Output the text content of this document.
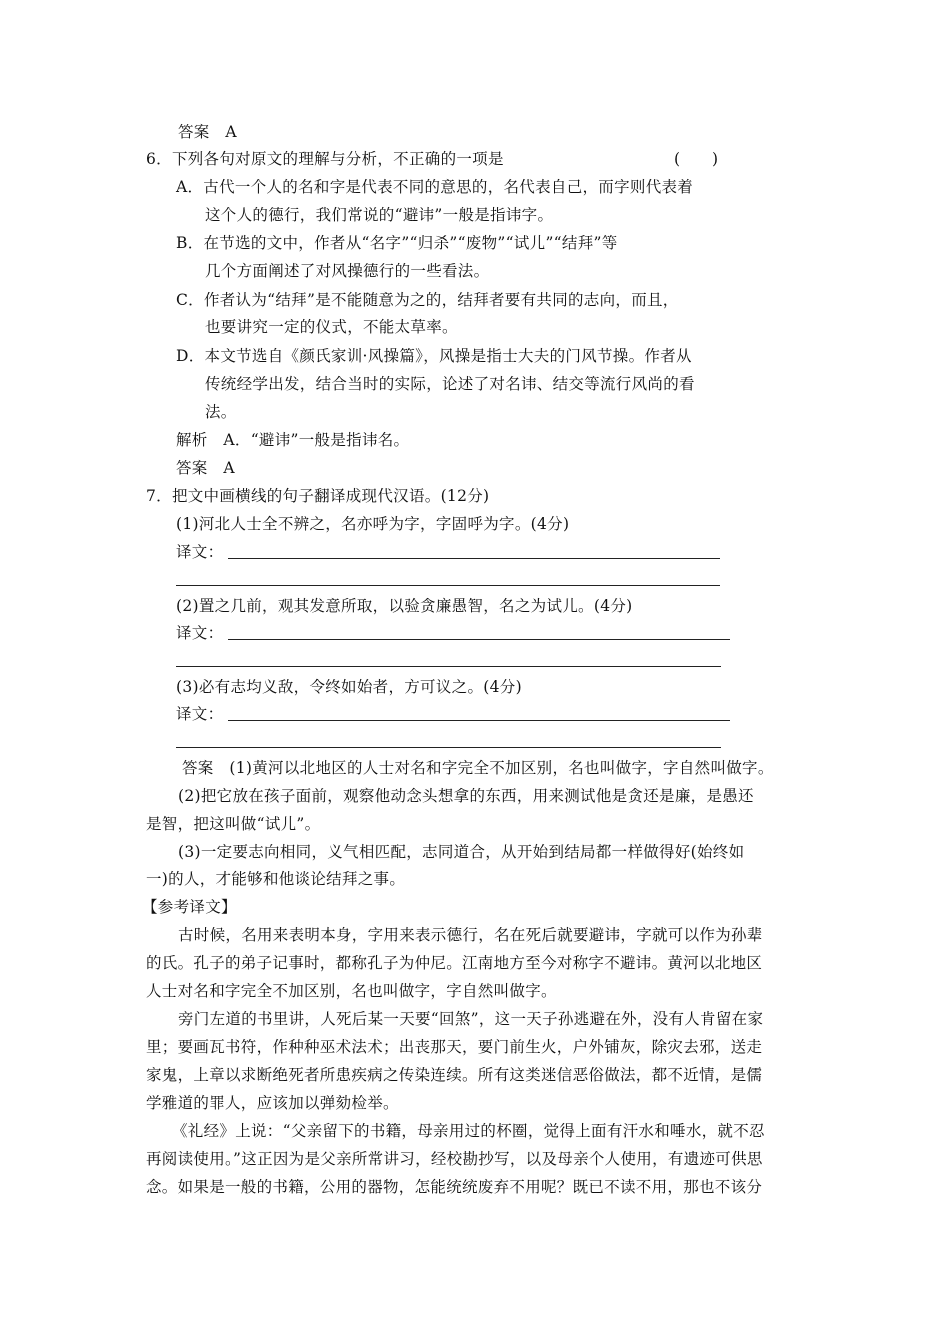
答案　A
6．下列各句对原文的理解与分析，不正确的一项是	(　　)
A．古代一个人的名和字是代表不同的意思的，名代表自己，而字则代表着
这个人的德行，我们常说的“避讳”一般是指讳字。
B．在节选的文中，作者从“名字”“归杀”“废物”“试儿”“结拜”等
几个方面阐述了对风操德行的一些看法。
C．作者认为“结拜”是不能随意为之的，结拜者要有共同的志向，而且，
也要讲究一定的仪式，不能太草率。
D．本文节选自《颜氏家训·风操篇》，风操是指士大夫的门风节操。作者从
传统经学出发，结合当时的实际，论述了对名讳、结交等流行风尚的看
法。
解析　A．“避讳”一般是指讳名。
答案　A
7．把文中画横线的句子翻译成现代汉语。(12分)
(1)河北人士全不辨之，名亦呼为字，字固呼为字。(4分)
译文：
(2)置之几前，观其发意所取，以验贪廉愚智，名之为试儿。(4分)
译文：
(3)必有志均义敌，令终如始者，方可议之。(4分)
译文：
答案　(1)黄河以北地区的人士对名和字完全不加区别，名也叫做字，字自然叫做字。
(2)把它放在孩子面前，观察他动念头想拿的东西，用来测试他是贪还是廉，是愚还
是智，把这叫做“试儿”。
(3)一定要志向相同，义气相匹配，志同道合，从开始到结局都一样做得好(始终如
一)的人，才能够和他谈论结拜之事。
【参考译文】
古时候，名用来表明本身，字用来表示德行，名在死后就要避讳，字就可以作为孙辈
的氏。孔子的弟子记事时，都称孔子为仲尼。江南地方至今对称字不避讳。黄河以北地区
人士对名和字完全不加区别，名也叫做字，字自然叫做字。
旁门左道的书里讲，人死后某一天要“回煞”，这一天子孙逃避在外，没有人肯留在家
里；要画瓦书符，作种种巫术法术；出丧那天，要门前生火，户外铺灰，除灾去邪，送走
家鬼，上章以求断绝死者所患疾病之传染连续。所有这类迷信恶俗做法，都不近情，是儒
学雅道的罪人，应该加以弹劾检举。
《礼经》上说：“父亲留下的书籍，母亲用过的杯圈，觉得上面有汗水和唾水，就不忍
再阅读使用。”这正因为是父亲所常讲习，经校勘抄写，以及母亲个人使用，有遗迹可供思
念。如果是一般的书籍，公用的器物，怎能统统废弃不用呢？既已不读不用，那也不该分
